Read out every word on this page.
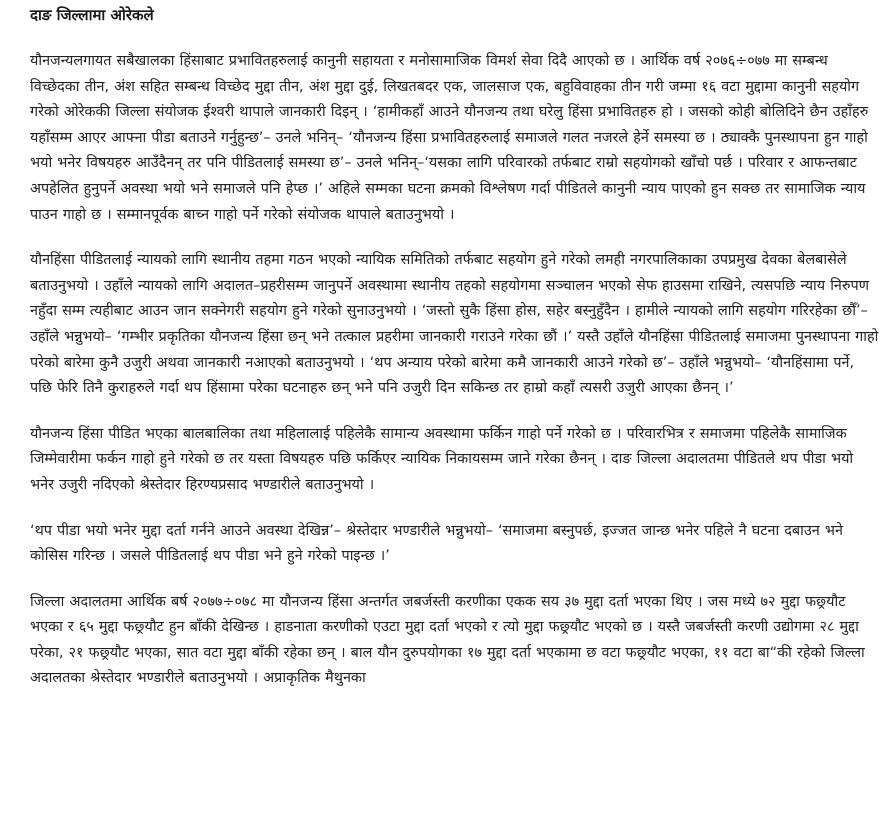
दाङ जिल्लामा ओरेकले

यौनजन्यलगायत सबैखालका हिंसाबाट प्रभावितहरुलाई कानुनी सहायता र मनोसामाजिक विमर्श सेवा दिदै आएको छ । आर्थिक वर्ष २०७६÷०७७ मा सम्बन्ध विच्छेदका तीन, अंश सहित सम्बन्ध विच्छेद मुद्दा तीन, अंश मुद्दा दुई, लिखतबदर एक, जालसाज एक, बहुविवाहका तीन गरी जम्मा १६ वटा मुद्दामा कानुनी सहयोग गरेको ओरेककी जिल्ला संयोजक ईश्वरी थापाले जानकारी दिइन् । ‘हामीकहाँ आउने यौनजन्य तथा घरेलु हिंसा प्रभावितहरु हो । जसको कोही बोलिदिने छैन उहाँहरु यहाँसम्म आएर आफ्ना पीडा बताउने गर्नुहुन्छ’– उनले भनिन्– ‘यौनजन्य हिंसा प्रभावितहरुलाई समाजले गलत नजरले हेर्ने समस्या छ । ठ्याक्कै पुनस्थापना हुन गाहो भयो भनेर विषयहरु आउँदैनन् तर पनि पीडितलाई समस्या छ’– उनले भनिन्–‘यसका लागि परिवारको तर्फबाट राम्रो सहयोगको खाँचो पर्छ । परिवार र आफन्तबाट अपहेलित हुनुपर्ने अवस्था भयो भने समाजले पनि हेप्छ ।’ अहिले सम्मका घटना क्रमको विश्लेषण गर्दा पीडितले कानुनी न्याय पाएको हुन सक्छ तर सामाजिक न्याय पाउन गाहो छ । सम्मानपूर्वक बाच्न गाहो पर्ने गरेको संयोजक थापाले बताउनुभयो ।

यौनहिंसा पीडितलाई न्यायको लागि स्थानीय तहमा गठन भएको न्यायिक समितिको तर्फबाट सहयोग हुने गरेको लमही नगरपालिकाका उपप्रमुख देवका बेलबासेले बताउनुभयो । उहाँले न्यायको लागि अदालत–प्रहरीसम्म जानुपर्ने अवस्थामा स्थानीय तहको सहयोगमा सञ्चालन भएको सेफ हाउसमा राखिने, त्यसपछि न्याय निरुपण नहुँदा सम्म त्यहीबाट आउन जान सक्नेगरी सहयोग हुने गरेको सुनाउनुभयो । ‘जस्तो सुकै हिंसा होस, सहेर बस्नुहुँदैन । हामीले न्यायको लागि सहयोग गरिरहेका छौँ’– उहाँले भन्नुभयो– ‘गम्भीर प्रकृतिका यौनजन्य हिंसा छन् भने तत्काल प्रहरीमा जानकारी गराउने गरेका छौं ।’ यस्तै उहाँले यौनहिंसा पीडितलाई समाजमा पुनस्थापना गाहो परेको बारेमा कुनै उजुरी अथवा जानकारी नआएको बताउनुभयो । ‘थप अन्याय परेको बारेमा कमै जानकारी आउने गरेको छ’– उहाँले भन्नुभयो– ‘यौनहिंसामा पर्ने, पछि फेरि तिनै कुराहरुले गर्दा थप हिंसामा परेका घटनाहरु छन् भने पनि उजुरी दिन सकिन्छ तर हाम्रो कहाँ त्यसरी उजुरी आएका छैनन् ।’

यौनजन्य हिंसा पीडित भएका बालबालिका तथा महिलालाई पहिलेकै सामान्य अवस्थामा फर्किन गाहो पर्ने गरेको छ । परिवारभित्र र समाजमा पहिलेकै सामाजिक जिम्मेवारीमा फर्कन गाहो हुने गरेको छ तर यस्ता विषयहरु पछि फर्किएर न्यायिक निकायसम्म जाने गरेका छैनन् । दाङ जिल्ला अदालतमा पीडितले थप पीडा भयो भनेर उजुरी नदिएको श्रेस्तेदार हिरण्यप्रसाद भण्डारीले बताउनुभयो ।

‘थप पीडा भयो भनेर मुद्दा दर्ता गर्नने आउने अवस्था देखिन्न’– श्रेस्तेदार भण्डारीले भन्नुभयो– ‘समाजमा बस्नुपर्छ, इज्जत जान्छ भनेर पहिले नै घटना दबाउन भने कोसिस गरिन्छ । जसले पीडितलाई थप पीडा भने हुने गरेको पाइन्छ ।’

जिल्ला अदालतमा आर्थिक बर्ष २०७७÷०७८ मा यौनजन्य हिंसा अन्तर्गत जबर्जस्ती करणीका एकक सय ३७ मुद्दा दर्ता भएका थिए । जस मध्ये ७२ मुद्दा फछ्र्यौट भएका र ६५ मुद्दा फछ्र्यौट हुन बाँकी देखिन्छ । हाडनाता करणीको एउटा मुद्दा दर्ता भएको र त्यो मुद्दा फछ्र्यौट भएको छ । यस्तै जबर्जस्ती करणी उद्योगमा २८ मुद्दा परेका, २१ फछ्र्यौट भएका, सात वटा मुद्दा बाँकी रहेका छन् । बाल यौन दुरुपयोगका १७ मुद्दा दर्ता भएकामा छ वटा फछ्र्यौट भएका, ११ वटा बा“की रहेको जिल्ला अदालतका श्रेस्तेदार भण्डारीले बताउनुभयो । अप्राकृतिक मैथुनका
